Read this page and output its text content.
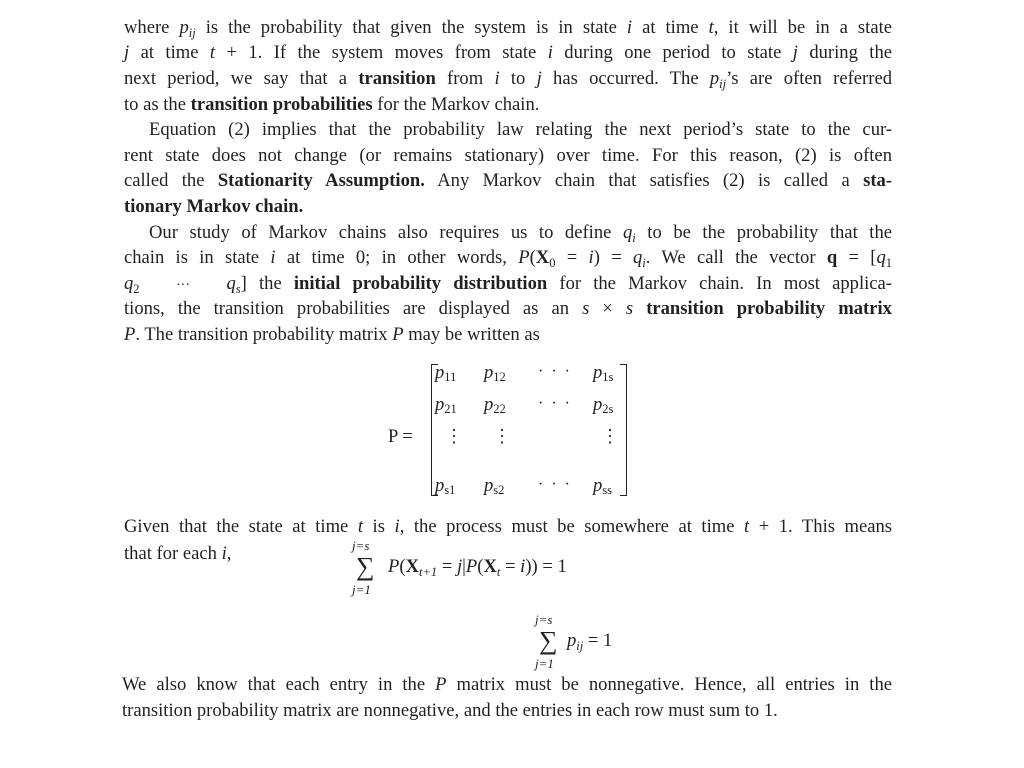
where $p_{ij}$ is the probability that given the system is in state i at time t, it will be in a state
j at time t + 1. If the system moves from state i during one period to state j during the
next period, we say that a transition from i to j has occurred. The $p_{ij}’s$ are often referred
to as the transition probabilities for the Markov chain.
Equation (2) implies that the probability law relating the next period’s state to the cur-
rent state does not change (or remains stationary) over time. For this reason, (2) is often
called the Stationarity Assumption. Any Markov chain that satisfies (2) is called a sta-
tionary Markov chain.
Our study of Markov chains also requires us to define $q_i$ to be the probability that the
chain is in state i at time 0; in other words, $P(X_0 = i) = q_i$. We call the vector $q = [q_1$
$q_2$	··· $q_s$] the initial probability distribution for the Markov chain. In most applica-
tions, the transition probabilities are displayed as an s × s transition probability matrix
P. The transition probability matrix P may be written as
P =
p11 p12 · · · p1s
p21 p22 · · · p2s
⋮ ⋮	⋮
ps1 ps2 · · · pss
Given that the state at time t is i, the process must be somewhere at time t + 1. This means
that for each i,	j=s
∑
j=1
$P(X_{t+1} = j|P(X_t = i)) = 1$
j=s
∑
j=1
$p_{ij} = 1$
We also know that each entry in the P matrix must be nonnegative. Hence, all entries in the
transition probability matrix are nonnegative, and the entries in each row must sum to 1.
